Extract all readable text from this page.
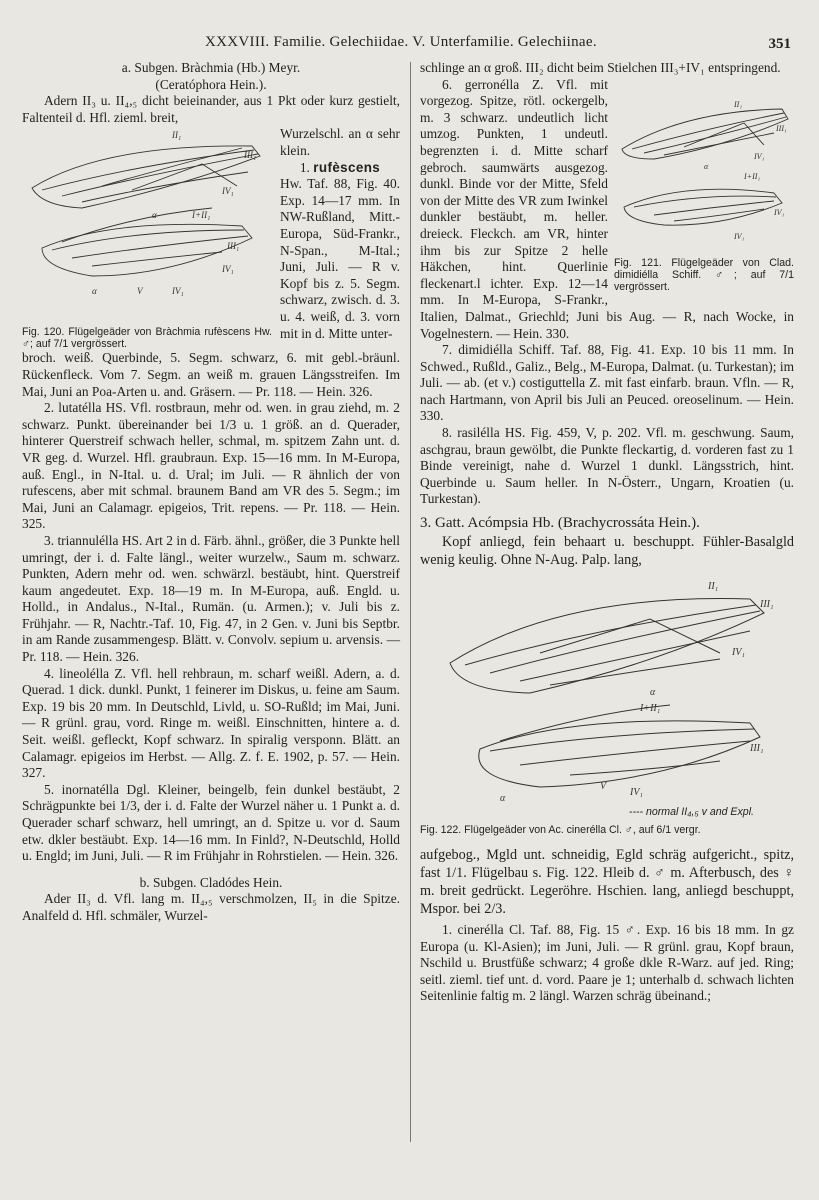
XXXVIII. Familie. Gelechiidae. V. Unterfamilie. Gelechiinae.	351

a. Subgen. Bràchmia (Hb.) Meyr.

(Ceratóphora Hein.).

Adern II₃ u. II₄,₅ dicht beieinander, aus 1 Pkt oder kurz gestielt, Faltenteil d. Hfl. zieml. breit,

II₁
III₁
IV₁
α	I+II₁
III₁
IV₁
α	V	IV₁
Fig. 120. Flügelgeäder von Bràchmia rufèscens Hw. ♂; auf 7/1 vergrössert.

Wurzelschl. an α sehr klein.

1. rufèscens

Hw. Taf. 88, Fig. 40. Exp. 14—17 mm. In NW-Rußland, Mitt.-Europa, Süd-Frankr., N-Span., M-Ital.; Juni, Juli. — R v. Kopf bis z. 5. Segm. schwarz, zwisch. d. 3. u. 4. weiß, d. 3. vorn mit in d. Mitte unter-

broch. weiß. Querbinde, 5. Segm. schwarz, 6. mit gebl.-bräunl. Rückenfleck. Vom 7. Segm. an weiß m. grauen Längsstreifen. Im Mai, Juni an Poa-Arten u. and. Gräsern. — Pr. 118. — Hein. 326.

2. lutatélla HS. Vfl. rostbraun, mehr od. wen. in grau ziehd, m. 2 schwarz. Punkt. übereinander bei 1/3 u. 1 größ. an d. Querader, hinterer Querstreif schwach heller, schmal, m. spitzem Zahn unt. d. VR geg. d. Wurzel. Hfl. graubraun. Exp. 15—16 mm. In M-Europa, auß. Engl., in N-Ital. u. d. Ural; im Juli. — R ähnlich der von rufescens, aber mit schmal. braunem Band am VR des 5. Segm.; im Mai, Juni an Calamagr. epigeios, Trit. repens. — Pr. 118. — Hein. 325.

3. triannulélla HS. Art 2 in d. Färb. ähnl., größer, die 3 Punkte hell umringt, der i. d. Falte längl., weiter wurzelw., Saum m. schwarz. Punkten, Adern mehr od. wen. schwärzl. bestäubt, hint. Querstreif kaum angedeutet. Exp. 18—19 m. In M-Europa, auß. Engld. u. Holld., in Andalus., N-Ital., Rumän. (u. Armen.); v. Juli bis z. Frühjahr. — R, Nachtr.-Taf. 10, Fig. 47, in 2 Gen. v. Juni bis Septbr. in am Rande zusammengesp. Blätt. v. Convolv. sepium u. arvensis. — Pr. 118. — Hein. 326.

4. lineolélla Z. Vfl. hell rehbraun, m. scharf weißl. Adern, a. d. Querad. 1 dick. dunkl. Punkt, 1 feinerer im Diskus, u. feine am Saum. Exp. 19 bis 20 mm. In Deutschld, Livld, u. SO-Rußld; im Mai, Juni. — R grünl. grau, vord. Ringe m. weißl. Einschnitten, hintere a. d. Seit. weißl. gefleckt, Kopf schwarz. In spiralig versponn. Blätt. an Calamagr. epigeios im Herbst. — Allg. Z. f. E. 1902, p. 57. — Hein. 327.

5. inornatélla Dgl. Kleiner, beingelb, fein dunkel bestäubt, 2 Schrägpunkte bei 1/3, der i. d. Falte der Wurzel näher u. 1 Punkt a. d. Querader scharf schwarz, hell umringt, an d. Spitze u. vor d. Saum etw. dkler bestäubt. Exp. 14—16 mm. In Finld?, N-Deutschld, Holld u. Engld; im Juni, Juli. — R im Frühjahr in Rohrstielen. — Hein. 326.

b. Subgen. Cladódes Hein.

Ader II₃ d. Vfl. lang m. II₄,₅ verschmolzen, II₅ in die Spitze. Analfeld d. Hfl. schmäler, Wurzel-

schlinge an α groß. III₂ dicht beim Stielchen III₃+IV₁ entspringend.

II₁
III₁
IV₁
α
I+II₁
IV₁
IV₁
Fig. 121. Flügelgeäder von Clad. dimidiélla Schiff. ♂; auf 7/1 vergrössert.

6. gerronélla Z. Vfl. mit vorgezog. Spitze, rötl. ockergelb, m. 3 schwarz. undeutlich licht umzog. Punkten, 1 undeutl. begrenzten i. d. Mitte scharf gebroch. saumwärts ausgezog. dunkl. Binde vor der Mitte, Sfeld von der Mitte des VR zum Iwinkel dunkler bestäubt, m. heller. dreieck. Fleckch. am VR, hinter ihm bis zur Spitze 2 helle Häkchen, hint. Querlinie fleckenart.l ichter. Exp. 12—14 mm. In M-Europa, S-Frankr., Italien, Dalmat., Griechld; Juni bis Aug. — R, nach Wocke, in Vogelnestern. — Hein. 330.

7. dimidiélla Schiff. Taf. 88, Fig. 41. Exp. 10 bis 11 mm. In Schwed., Rußld., Galiz., Belg., M-Europa, Dalmat. (u. Turkestan); im Juli. — ab. (et v.) costiguttella Z. mit fast einfarb. braun. Vfln. — R, nach Hartmann, von April bis Juli an Peuced. oreoselinum. — Hein. 330.

8. rasilélla HS. Fig. 459, V, p. 202. Vfl. m. geschwung. Saum, aschgrau, braun gewölbt, die Punkte fleckartig, d. vorderen fast zu 1 Binde vereinigt, nahe d. Wurzel 1 dunkl. Längsstrich, hint. Querbinde u. Saum heller. In N-Österr., Ungarn, Kroatien (u. Turkestan).

3. Gatt. Acómpsia Hb. (Brachycrossáta Hein.).

Kopf anliegd, fein behaart u. beschuppt. Fühler-Basalgld wenig keulig. Ohne N-Aug. Palp. lang,

II₁
III₁
IV₁
α
I+II₁
III₁
α
V
IV₁
---- normal II₄,₅ v and Expl.
Fig. 122. Flügelgeäder von Ac. cinerélla Cl. ♂, auf 6/1 vergr.

aufgebog., Mgld unt. schneidig, Egld schräg aufgericht., spitz, fast 1/1. Flügelbau s. Fig. 122. Hleib d. ♂ m. Afterbusch, des ♀ m. breit gedrückt. Legeröhre. Hschien. lang, anliegd beschuppt, Mspor. bei 2/3.

1. cinerélla Cl. Taf. 88, Fig. 15 ♂. Exp. 16 bis 18 mm. In gz Europa (u. Kl-Asien); im Juni, Juli. — R grünl. grau, Kopf braun, Nschild u. Brustfüße schwarz; 4 große dkle R-Warz. auf jed. Ring; seitl. zieml. tief unt. d. vord. Paare je 1; unterhalb d. schwach lichten Seitenlinie faltig m. 2 längl. Warzen schräg übeinand.;
